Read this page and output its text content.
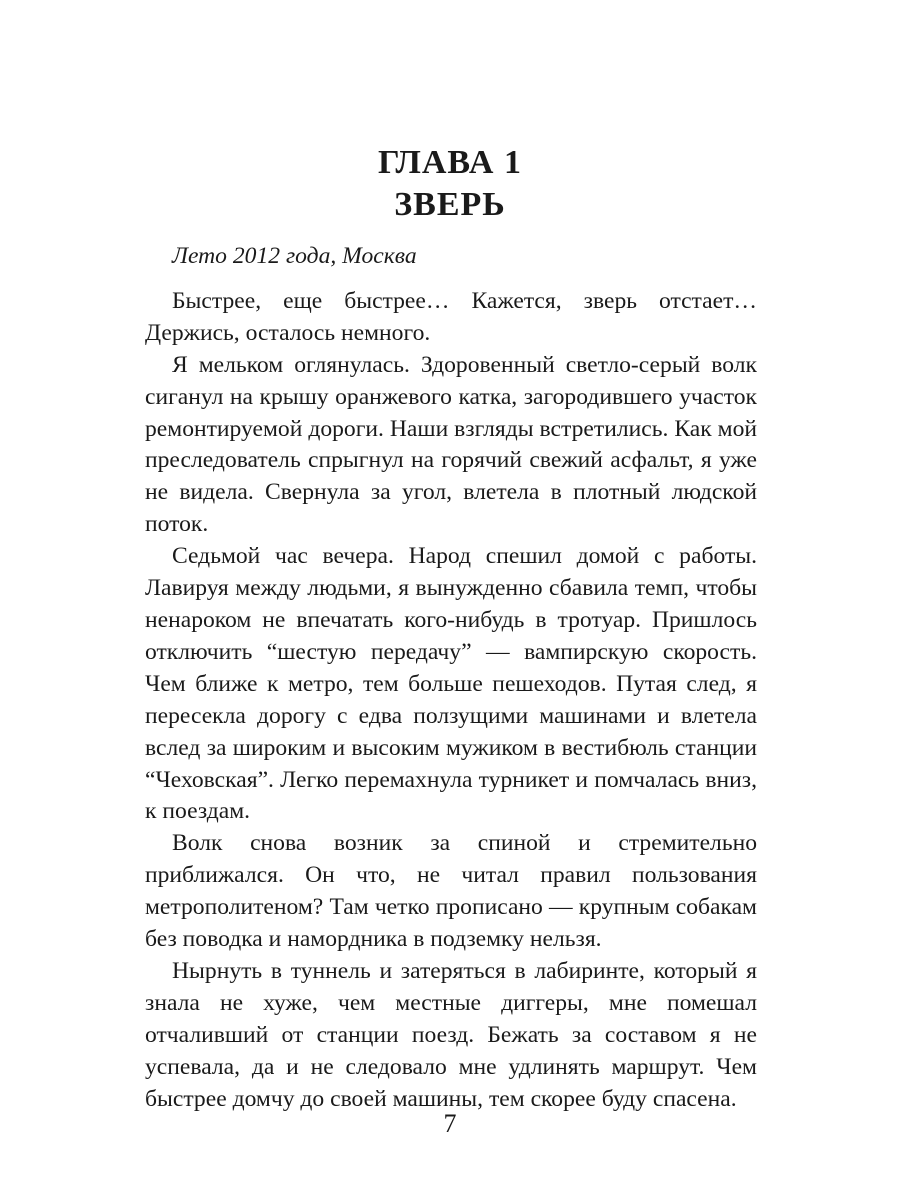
ГЛАВА 1
ЗВЕРЬ

Лето 2012 года, Москва

Быстрее, еще быстрее… Кажется, зверь отстает… Держись, осталось немного.

Я мельком оглянулась. Здоровенный светло-серый волк сиганул на крышу оранжевого катка, загородившего участок ремонтируемой дороги. Наши взгляды встретились. Как мой преследователь спрыгнул на горячий свежий асфальт, я уже не видела. Свернула за угол, влетела в плотный людской поток.

Седьмой час вечера. Народ спешил домой с работы. Лавируя между людьми, я вынужденно сбавила темп, чтобы ненароком не впечатать кого-нибудь в тротуар. Пришлось отключить “шестую передачу” — вампирскую скорость. Чем ближе к метро, тем больше пешеходов. Путая след, я пересекла дорогу с едва ползущими машинами и влетела вслед за широким и высоким мужиком в вестибюль станции “Чеховская”. Легко перемахнула турникет и помчалась вниз, к поездам.

Волк снова возник за спиной и стремительно приближался. Он что, не читал правил пользования метрополитеном? Там четко прописано — крупным собакам без поводка и намордника в подземку нельзя.

Нырнуть в туннель и затеряться в лабиринте, который я знала не хуже, чем местные диггеры, мне помешал отчаливший от станции поезд. Бежать за составом я не успевала, да и не следовало мне удлинять маршрут. Чем быстрее домчу до своей машины, тем скорее буду спасена.

7
